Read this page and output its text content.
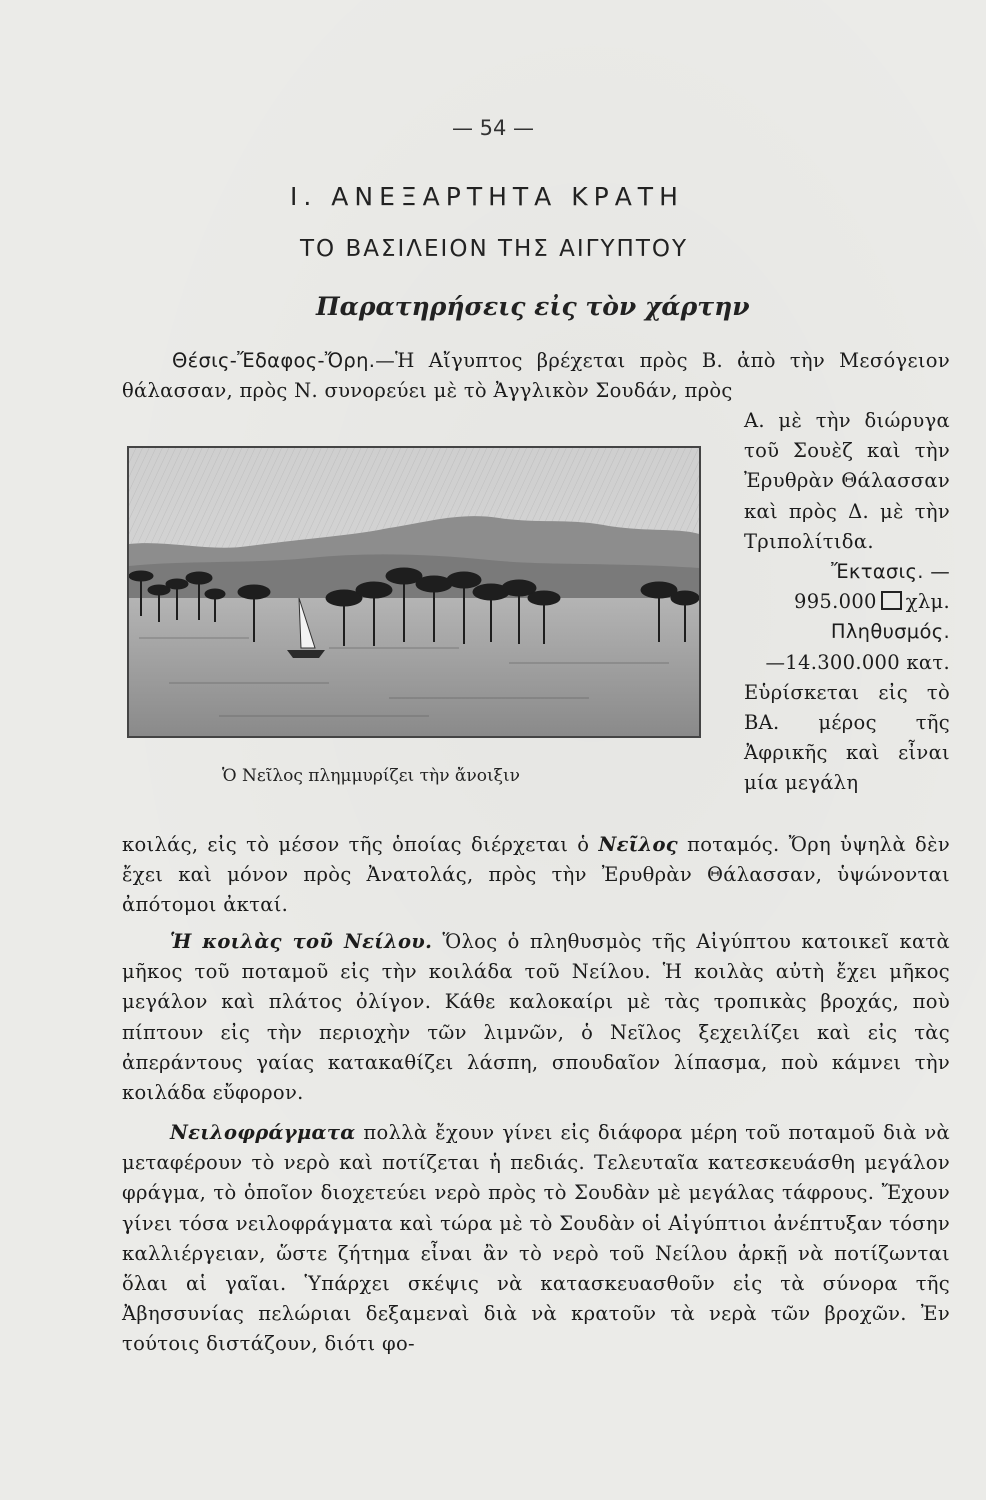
— 54 —
I. ΑΝΕΞΑΡΤΗΤΑ ΚΡΑΤΗ
ΤΟ ΒΑΣΙΛΕΙΟΝ ΤΗΣ ΑΙΓΥΠΤΟΥ
Παρατηρήσεις εἰς τὸν χάρτην
Θέσις-Ἔδαφος-Ὄρη.—Ἡ Αἴγυπτος βρέχεται πρὸς Β. ἀπὸ τὴν Μεσόγειον θάλασσαν, πρὸς Ν. συνορεύει μὲ τὸ Ἀγγλικὸν Σουδάν, πρὸς
Ὁ Νεῖλος πλημμυρίζει τὴν ἄνοιξιν
Α. μὲ τὴν διώρυγα τοῦ Σουὲζ καὶ τὴν Ἐρυθρὰν Θάλασσαν καὶ πρὸς Δ. μὲ τὴν Τριπολίτιδα.
Ἔκτασις. —
995.000 χλμ.
Πληθυσμός.
—14.300.000 κατ.
Εὑρίσκεται εἰς τὸ ΒΑ. μέρος τῆς Ἀφρικῆς καὶ εἶναι μία μεγάλη
κοιλάς, εἰς τὸ μέσον τῆς ὁποίας διέρχεται ὁ Νεῖλος ποταμός. Ὄρη ὑψηλὰ δὲν ἔχει καὶ μόνον πρὸς Ἀνατολάς, πρὸς τὴν Ἐρυθρὰν Θάλασσαν, ὑψώνονται ἀπότομοι ἀκταί.
Ἡ κοιλὰς τοῦ Νείλου. Ὅλος ὁ πληθυσμὸς τῆς Αἰγύπτου κατοικεῖ κατὰ μῆκος τοῦ ποταμοῦ εἰς τὴν κοιλάδα τοῦ Νείλου. Ἡ κοιλὰς αὐτὴ ἔχει μῆκος μεγάλον καὶ πλάτος ὀλίγον. Κάθε καλοκαίρι μὲ τὰς τροπικὰς βροχάς, ποὺ πίπτουν εἰς τὴν περιοχὴν τῶν λιμνῶν, ὁ Νεῖλος ξεχειλίζει καὶ εἰς τὰς ἀπεράντους γαίας κατακαθίζει λάσπη, σπουδαῖον λίπασμα, ποὺ κάμνει τὴν κοιλάδα εὔφορον.
Νειλοφράγματα πολλὰ ἔχουν γίνει εἰς διάφορα μέρη τοῦ ποταμοῦ διὰ νὰ μεταφέρουν τὸ νερὸ καὶ ποτίζεται ἡ πεδιάς. Τελευταῖα κατεσκευάσθη μεγάλον φράγμα, τὸ ὁποῖον διοχετεύει νερὸ πρὸς τὸ Σουδὰν μὲ μεγάλας τάφρους. Ἔχουν γίνει τόσα νειλοφράγματα καὶ τώρα μὲ τὸ Σουδὰν οἱ Αἰγύπτιοι ἀνέπτυξαν τόσην καλλιέργειαν, ὥστε ζήτημα εἶναι ἂν τὸ νερὸ τοῦ Νείλου ἀρκῇ νὰ ποτίζωνται ὅλαι αἱ γαῖαι. Ὑπάρχει σκέψις νὰ κατασκευασθοῦν εἰς τὰ σύνορα τῆς Ἀβησσυνίας πελώριαι δεξαμεναὶ διὰ νὰ κρατοῦν τὰ νερὰ τῶν βροχῶν. Ἐν τούτοις διστάζουν, διότι φο-
